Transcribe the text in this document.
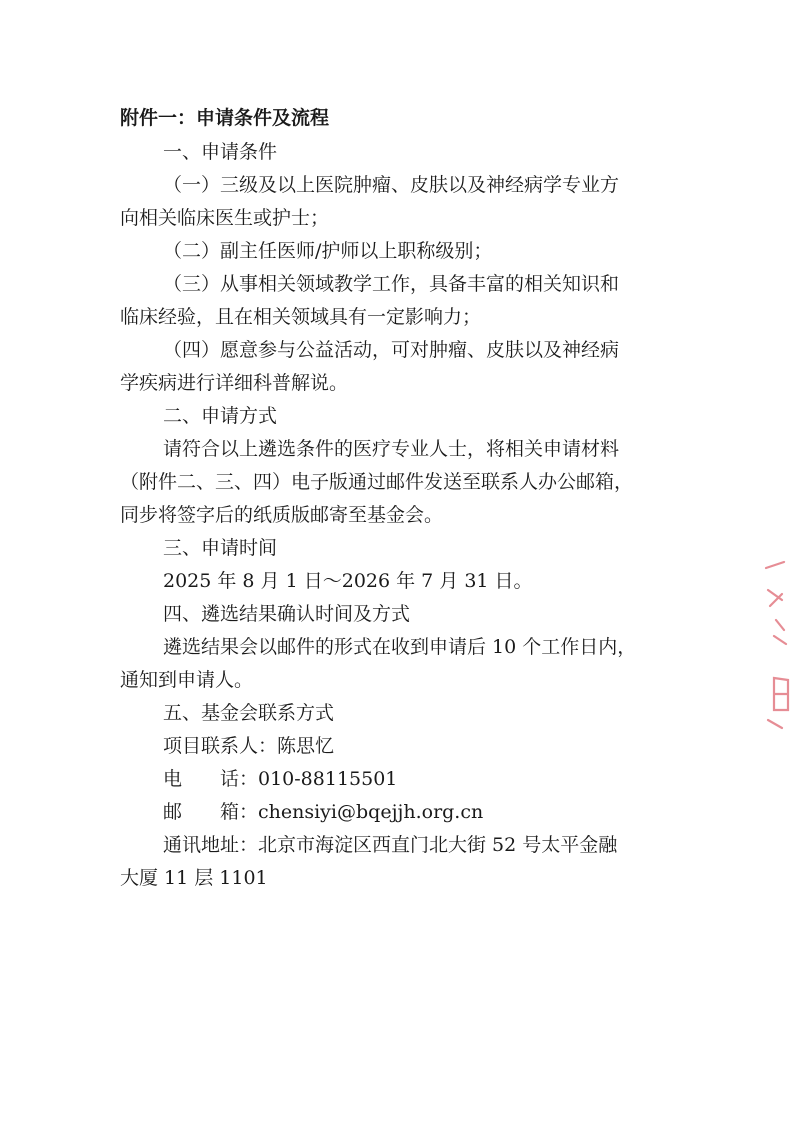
附件一：申请条件及流程
一、申请条件
（一）三级及以上医院肿瘤、皮肤以及神经病学专业方
向相关临床医生或护士；
（二）副主任医师/护师以上职称级别；
（三）从事相关领域教学工作，具备丰富的相关知识和
临床经验，且在相关领域具有一定影响力；
（四）愿意参与公益活动，可对肿瘤、皮肤以及神经病
学疾病进行详细科普解说。
二、申请方式
请符合以上遴选条件的医疗专业人士，将相关申请材料
（附件二、三、四）电子版通过邮件发送至联系人办公邮箱，
同步将签字后的纸质版邮寄至基金会。
三、申请时间
2025 年 8 月 1 日～2026 年 7 月 31 日。
四、遴选结果确认时间及方式
遴选结果会以邮件的形式在收到申请后 10 个工作日内，
通知到申请人。
五、基金会联系方式
项目联系人：陈思忆
电　　话：010-88115501
邮　　箱：chensiyi@bqejjh.org.cn
通讯地址：北京市海淀区西直门北大街 52 号太平金融
大厦 11 层 1101
